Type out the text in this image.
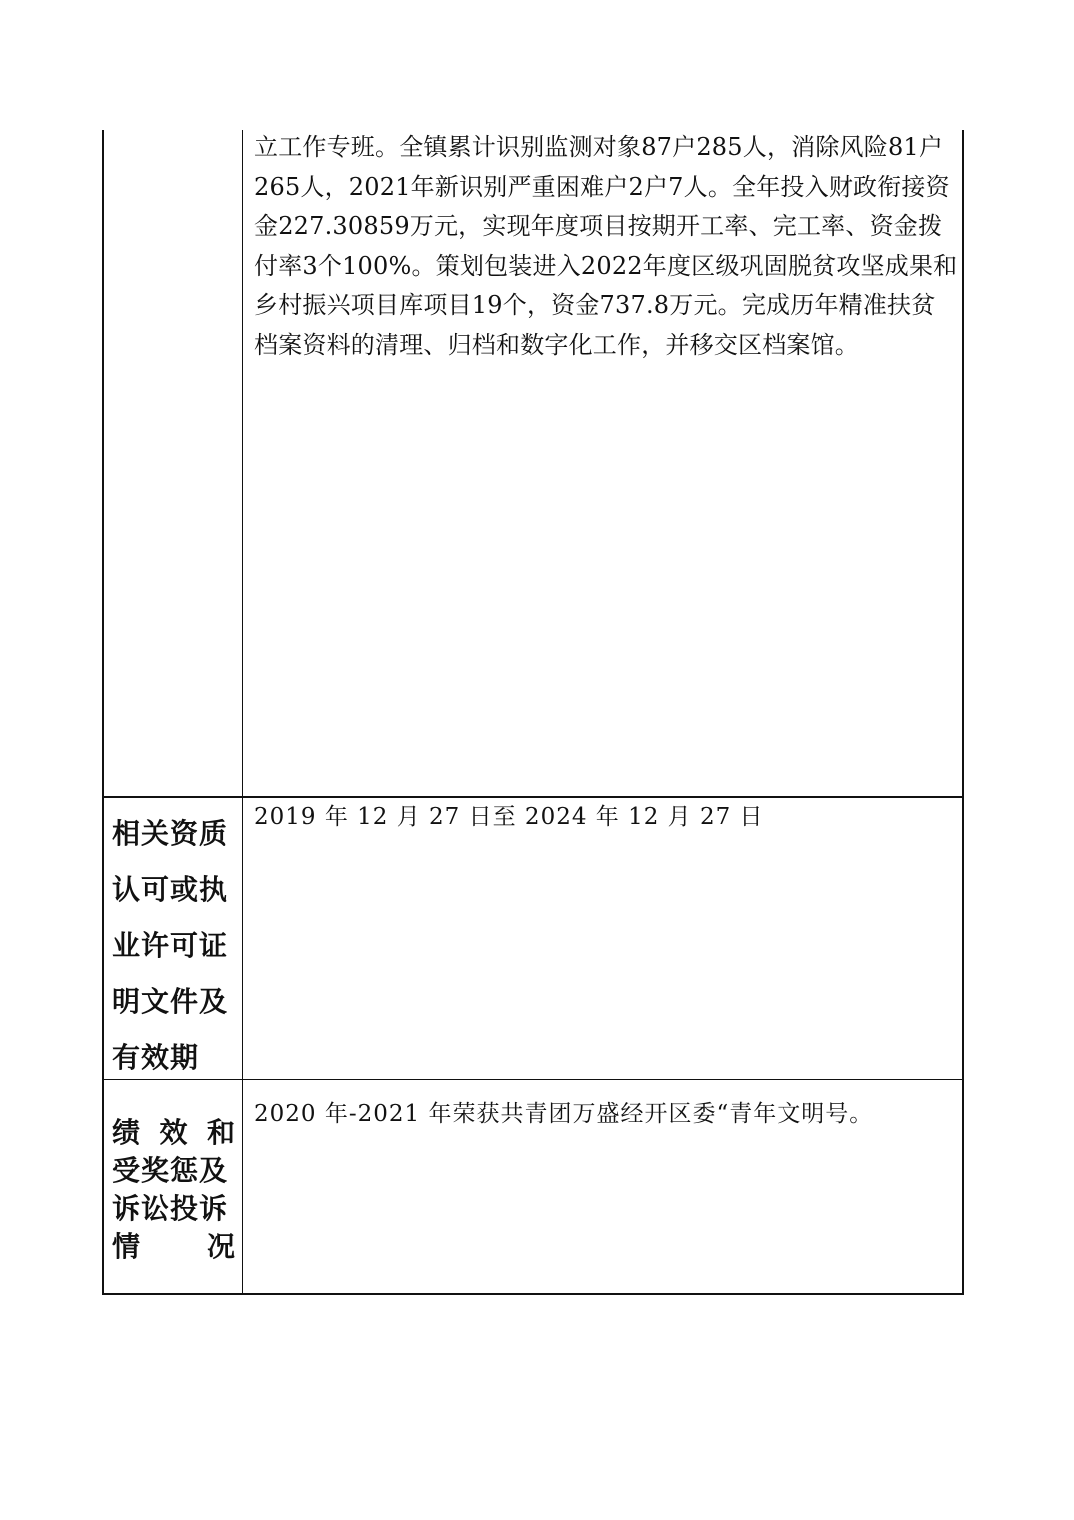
立工作专班。全镇累计识别监测对象87户285人，消除风险81户
265人，2021年新识别严重困难户2户7人。全年投入财政衔接资
金227.30859万元，实现年度项目按期开工率、完工率、资金拨
付率3个100%。策划包装进入2022年度区级巩固脱贫攻坚成果和
乡村振兴项目库项目19个，资金737.8万元。完成历年精准扶贫
档案资料的清理、归档和数字化工作，并移交区档案馆。
相关资质
认可或执
业许可证
明文件及
有效期
2019 年 12 月 27 日至 2024 年 12 月 27 日
绩 效 和
受奖惩及
诉讼投诉
情 况
2020 年-2021 年荣获共青团万盛经开区委“青年文明号。
